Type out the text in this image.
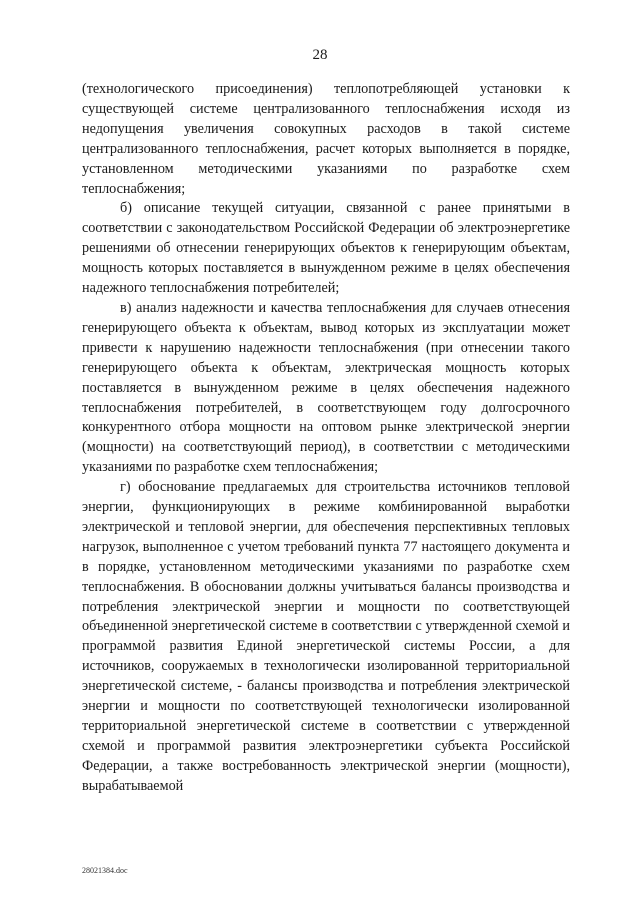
28

(технологического присоединения) теплопотребляющей установки к существующей системе централизованного теплоснабжения исходя из недопущения увеличения совокупных расходов в такой системе централизованного теплоснабжения, расчет которых выполняется в порядке, установленном методическими указаниями по разработке схем теплоснабжения;

б) описание текущей ситуации, связанной с ранее принятыми в соответствии с законодательством Российской Федерации об электроэнергетике решениями об отнесении генерирующих объектов к генерирующим объектам, мощность которых поставляется в вынужденном режиме в целях обеспечения надежного теплоснабжения потребителей;

в) анализ надежности и качества теплоснабжения для случаев отнесения генерирующего объекта к объектам, вывод которых из эксплуатации может привести к нарушению надежности теплоснабжения (при отнесении такого генерирующего объекта к объектам, электрическая мощность которых поставляется в вынужденном режиме в целях обеспечения надежного теплоснабжения потребителей, в соответствующем году долгосрочного конкурентного отбора мощности на оптовом рынке электрической энергии (мощности) на соответствующий период), в соответствии с методическими указаниями по разработке схем теплоснабжения;

г) обоснование предлагаемых для строительства источников тепловой энергии, функционирующих в режиме комбинированной выработки электрической и тепловой энергии, для обеспечения перспективных тепловых нагрузок, выполненное с учетом требований пункта 77 настоящего документа и в порядке, установленном методическими указаниями по разработке схем теплоснабжения. В обосновании должны учитываться балансы производства и потребления электрической энергии и мощности по соответствующей объединенной энергетической системе в соответствии с утвержденной схемой и программой развития Единой энергетической системы России, а для источников, сооружаемых в технологически изолированной территориальной энергетической системе, - балансы производства и потребления электрической энергии и мощности по соответствующей технологически изолированной территориальной энергетической системе в соответствии с утвержденной схемой и программой развития электроэнергетики субъекта Российской Федерации, а также востребованность электрической энергии (мощности), вырабатываемой

28021384.doc
